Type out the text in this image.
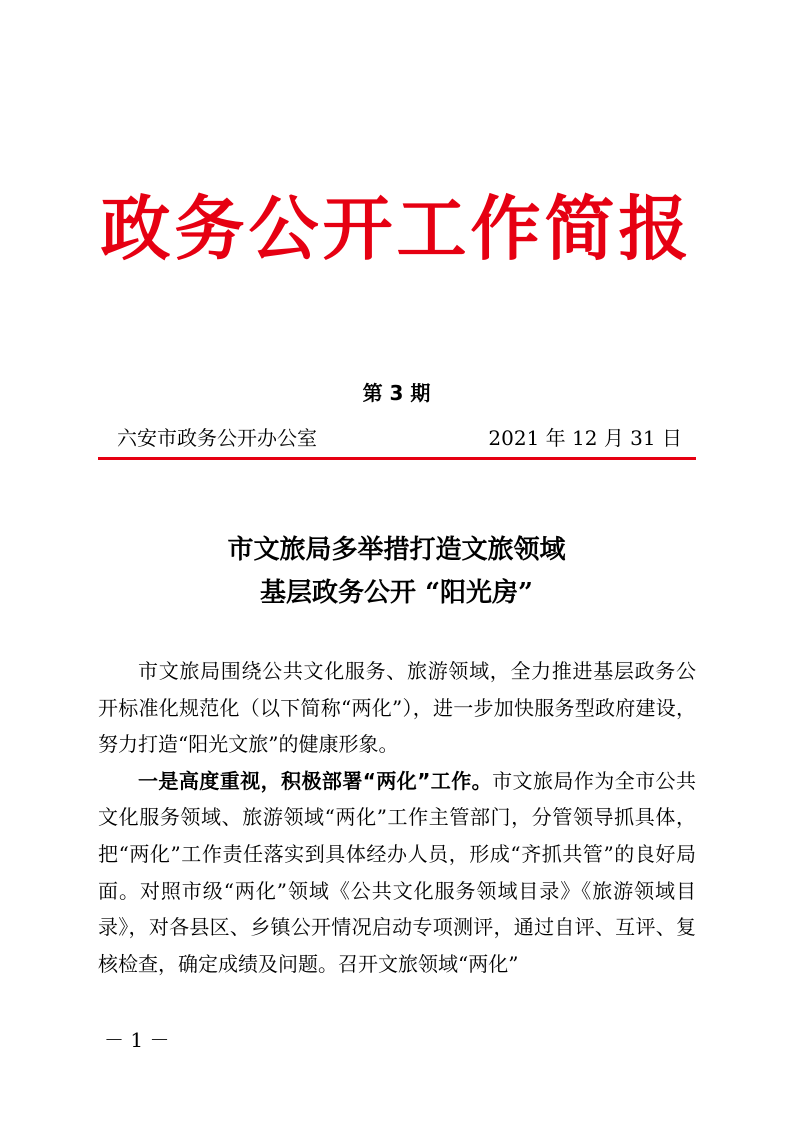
政务公开工作简报
第 3 期
六安市政务公开办公室	2021 年 12 月 31 日
市文旅局多举措打造文旅领域
基层政务公开 “阳光房”

市文旅局围绕公共文化服务、旅游领域，全力推进基层政务公开标准化规范化（以下简称“两化”），进一步加快服务型政府建设，努力打造“阳光文旅”的健康形象。

一是高度重视，积极部署“两化”工作。市文旅局作为全市公共文化服务领域、旅游领域“两化”工作主管部门，分管领导抓具体，把“两化”工作责任落实到具体经办人员，形成“齐抓共管”的良好局面。对照市级“两化”领域《公共文化服务领域目录》《旅游领域目录》，对各县区、乡镇公开情况启动专项测评，通过自评、互评、复核检查，确定成绩及问题。召开文旅领域“两化”

－ 1 －
